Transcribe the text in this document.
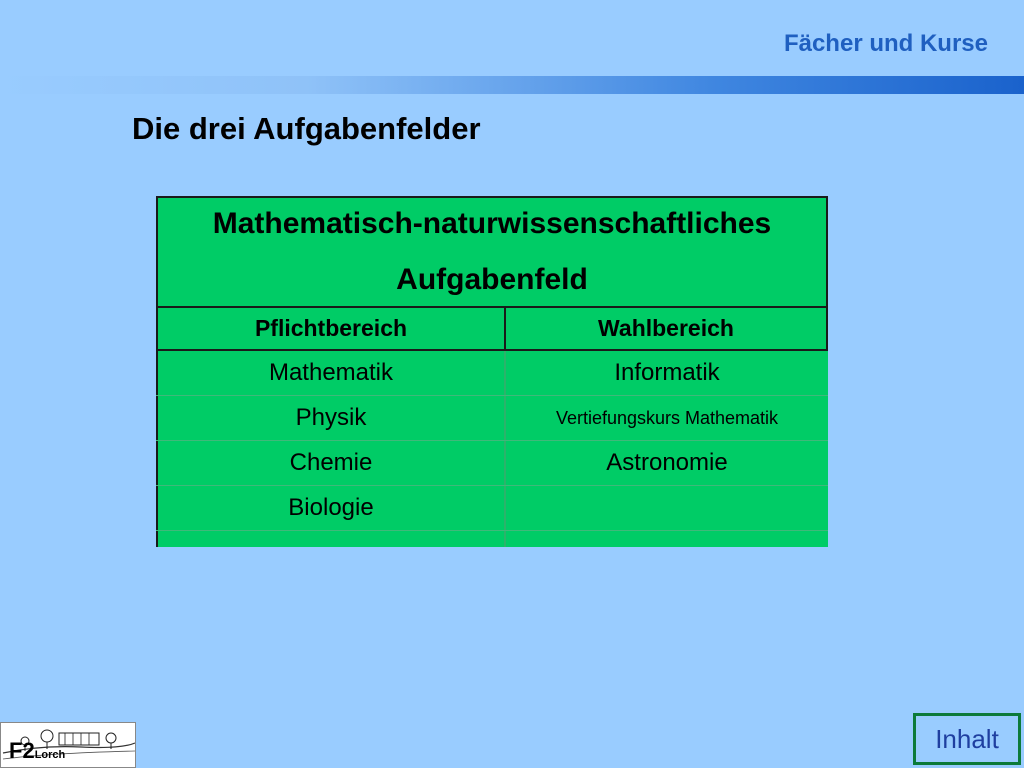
Fächer und Kurse
Die drei Aufgabenfelder
Mathematisch-naturwissenschaftliches
Aufgabenfeld
Pflichtbereich	Wahlbereich
Mathematik	Informatik
Physik	Vertiefungskurs Mathematik
Chemie	Astronomie
Biologie
F2Lorch
Inhalt
